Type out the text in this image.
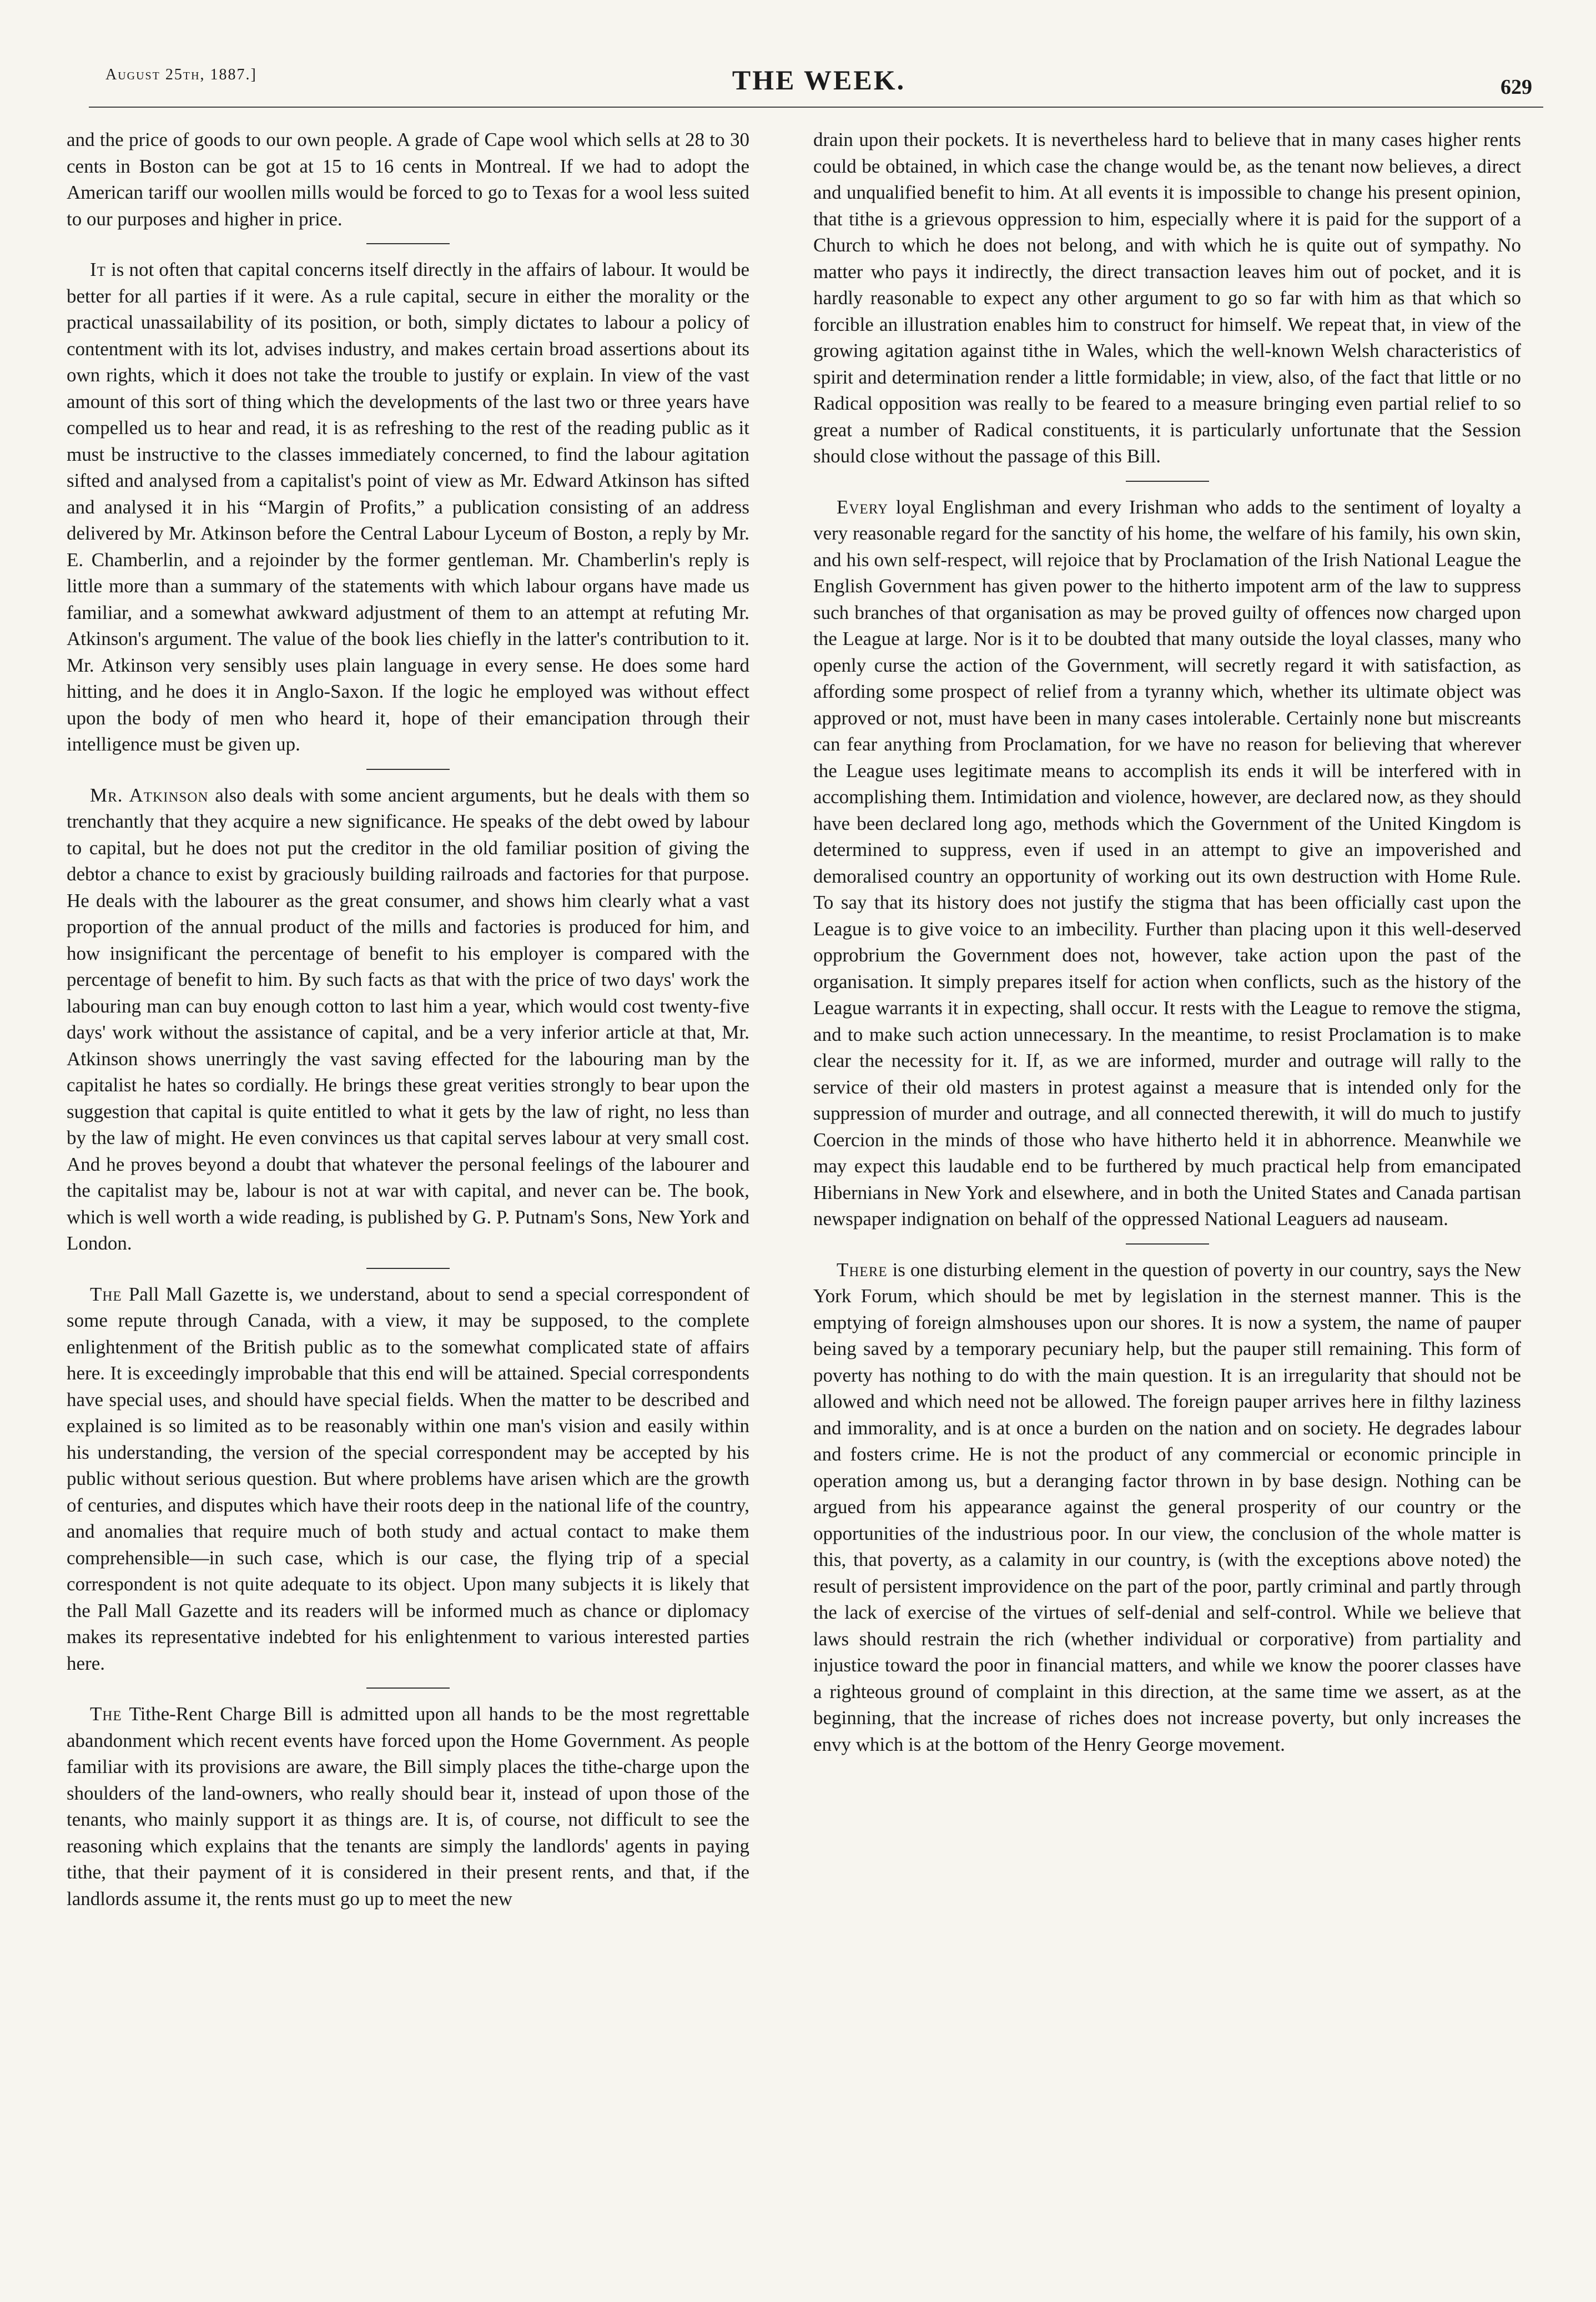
August 25th, 1887.]	THE WEEK.	629

and the price of goods to our own people. A grade of Cape wool which sells at 28 to 30 cents in Boston can be got at 15 to 16 cents in Montreal. If we had to adopt the American tariff our woollen mills would be forced to go to Texas for a wool less suited to our purposes and higher in price.

It is not often that capital concerns itself directly in the affairs of labour. It would be better for all parties if it were. As a rule capital, secure in either the morality or the practical unassailability of its position, or both, simply dictates to labour a policy of contentment with its lot, advises industry, and makes certain broad assertions about its own rights, which it does not take the trouble to justify or explain. In view of the vast amount of this sort of thing which the developments of the last two or three years have compelled us to hear and read, it is as refreshing to the rest of the reading public as it must be instructive to the classes immediately concerned, to find the labour agitation sifted and analysed from a capitalist's point of view as Mr. Edward Atkinson has sifted and analysed it in his “Margin of Profits,” a publication consisting of an address delivered by Mr. Atkinson before the Central Labour Lyceum of Boston, a reply by Mr. E. Chamberlin, and a rejoinder by the former gentleman. Mr. Chamberlin's reply is little more than a summary of the statements with which labour organs have made us familiar, and a somewhat awkward adjustment of them to an attempt at refuting Mr. Atkinson's argument. The value of the book lies chiefly in the latter's contribution to it. Mr. Atkinson very sensibly uses plain language in every sense. He does some hard hitting, and he does it in Anglo-Saxon. If the logic he employed was without effect upon the body of men who heard it, hope of their emancipation through their intelligence must be given up.

Mr. Atkinson also deals with some ancient arguments, but he deals with them so trenchantly that they acquire a new significance. He speaks of the debt owed by labour to capital, but he does not put the creditor in the old familiar position of giving the debtor a chance to exist by graciously building railroads and factories for that purpose. He deals with the labourer as the great consumer, and shows him clearly what a vast proportion of the annual product of the mills and factories is produced for him, and how insignificant the percentage of benefit to his employer is compared with the percentage of benefit to him. By such facts as that with the price of two days' work the labouring man can buy enough cotton to last him a year, which would cost twenty-five days' work without the assistance of capital, and be a very inferior article at that, Mr. Atkinson shows unerringly the vast saving effected for the labouring man by the capitalist he hates so cordially. He brings these great verities strongly to bear upon the suggestion that capital is quite entitled to what it gets by the law of right, no less than by the law of might. He even convinces us that capital serves labour at very small cost. And he proves beyond a doubt that whatever the personal feelings of the labourer and the capitalist may be, labour is not at war with capital, and never can be. The book, which is well worth a wide reading, is published by G. P. Putnam's Sons, New York and London.

The Pall Mall Gazette is, we understand, about to send a special correspondent of some repute through Canada, with a view, it may be supposed, to the complete enlightenment of the British public as to the somewhat complicated state of affairs here. It is exceedingly improbable that this end will be attained. Special correspondents have special uses, and should have special fields. When the matter to be described and explained is so limited as to be reasonably within one man's vision and easily within his understanding, the version of the special correspondent may be accepted by his public without serious question. But where problems have arisen which are the growth of centuries, and disputes which have their roots deep in the national life of the country, and anomalies that require much of both study and actual contact to make them comprehensible—in such case, which is our case, the flying trip of a special correspondent is not quite adequate to its object. Upon many subjects it is likely that the Pall Mall Gazette and its readers will be informed much as chance or diplomacy makes its representative indebted for his enlightenment to various interested parties here.

The Tithe-Rent Charge Bill is admitted upon all hands to be the most regrettable abandonment which recent events have forced upon the Home Government. As people familiar with its provisions are aware, the Bill simply places the tithe-charge upon the shoulders of the land-owners, who really should bear it, instead of upon those of the tenants, who mainly support it as things are. It is, of course, not difficult to see the reasoning which explains that the tenants are simply the landlords' agents in paying tithe, that their payment of it is considered in their present rents, and that, if the landlords assume it, the rents must go up to meet the new

drain upon their pockets. It is nevertheless hard to believe that in many cases higher rents could be obtained, in which case the change would be, as the tenant now believes, a direct and unqualified benefit to him. At all events it is impossible to change his present opinion, that tithe is a grievous oppression to him, especially where it is paid for the support of a Church to which he does not belong, and with which he is quite out of sympathy. No matter who pays it indirectly, the direct transaction leaves him out of pocket, and it is hardly reasonable to expect any other argument to go so far with him as that which so forcible an illustration enables him to construct for himself. We repeat that, in view of the growing agitation against tithe in Wales, which the well-known Welsh characteristics of spirit and determination render a little formidable; in view, also, of the fact that little or no Radical opposition was really to be feared to a measure bringing even partial relief to so great a number of Radical constituents, it is particularly unfortunate that the Session should close without the passage of this Bill.

Every loyal Englishman and every Irishman who adds to the sentiment of loyalty a very reasonable regard for the sanctity of his home, the welfare of his family, his own skin, and his own self-respect, will rejoice that by Proclamation of the Irish National League the English Government has given power to the hitherto impotent arm of the law to suppress such branches of that organisation as may be proved guilty of offences now charged upon the League at large. Nor is it to be doubted that many outside the loyal classes, many who openly curse the action of the Government, will secretly regard it with satisfaction, as affording some prospect of relief from a tyranny which, whether its ultimate object was approved or not, must have been in many cases intolerable. Certainly none but miscreants can fear anything from Proclamation, for we have no reason for believing that wherever the League uses legitimate means to accomplish its ends it will be interfered with in accomplishing them. Intimidation and violence, however, are declared now, as they should have been declared long ago, methods which the Government of the United Kingdom is determined to suppress, even if used in an attempt to give an impoverished and demoralised country an opportunity of working out its own destruction with Home Rule. To say that its history does not justify the stigma that has been officially cast upon the League is to give voice to an imbecility. Further than placing upon it this well-deserved opprobrium the Government does not, however, take action upon the past of the organisation. It simply prepares itself for action when conflicts, such as the history of the League warrants it in expecting, shall occur. It rests with the League to remove the stigma, and to make such action unnecessary. In the meantime, to resist Proclamation is to make clear the necessity for it. If, as we are informed, murder and outrage will rally to the service of their old masters in protest against a measure that is intended only for the suppression of murder and outrage, and all connected therewith, it will do much to justify Coercion in the minds of those who have hitherto held it in abhorrence. Meanwhile we may expect this laudable end to be furthered by much practical help from emancipated Hibernians in New York and elsewhere, and in both the United States and Canada partisan newspaper indignation on behalf of the oppressed National Leaguers ad nauseam.

There is one disturbing element in the question of poverty in our country, says the New York Forum, which should be met by legislation in the sternest manner. This is the emptying of foreign almshouses upon our shores. It is now a system, the name of pauper being saved by a temporary pecuniary help, but the pauper still remaining. This form of poverty has nothing to do with the main question. It is an irregularity that should not be allowed and which need not be allowed. The foreign pauper arrives here in filthy laziness and immorality, and is at once a burden on the nation and on society. He degrades labour and fosters crime. He is not the product of any commercial or economic principle in operation among us, but a deranging factor thrown in by base design. Nothing can be argued from his appearance against the general prosperity of our country or the opportunities of the industrious poor. In our view, the conclusion of the whole matter is this, that poverty, as a calamity in our country, is (with the exceptions above noted) the result of persistent improvidence on the part of the poor, partly criminal and partly through the lack of exercise of the virtues of self-denial and self-control. While we believe that laws should restrain the rich (whether individual or corporative) from partiality and injustice toward the poor in financial matters, and while we know the poorer classes have a righteous ground of complaint in this direction, at the same time we assert, as at the beginning, that the increase of riches does not increase poverty, but only increases the envy which is at the bottom of the Henry George movement.
